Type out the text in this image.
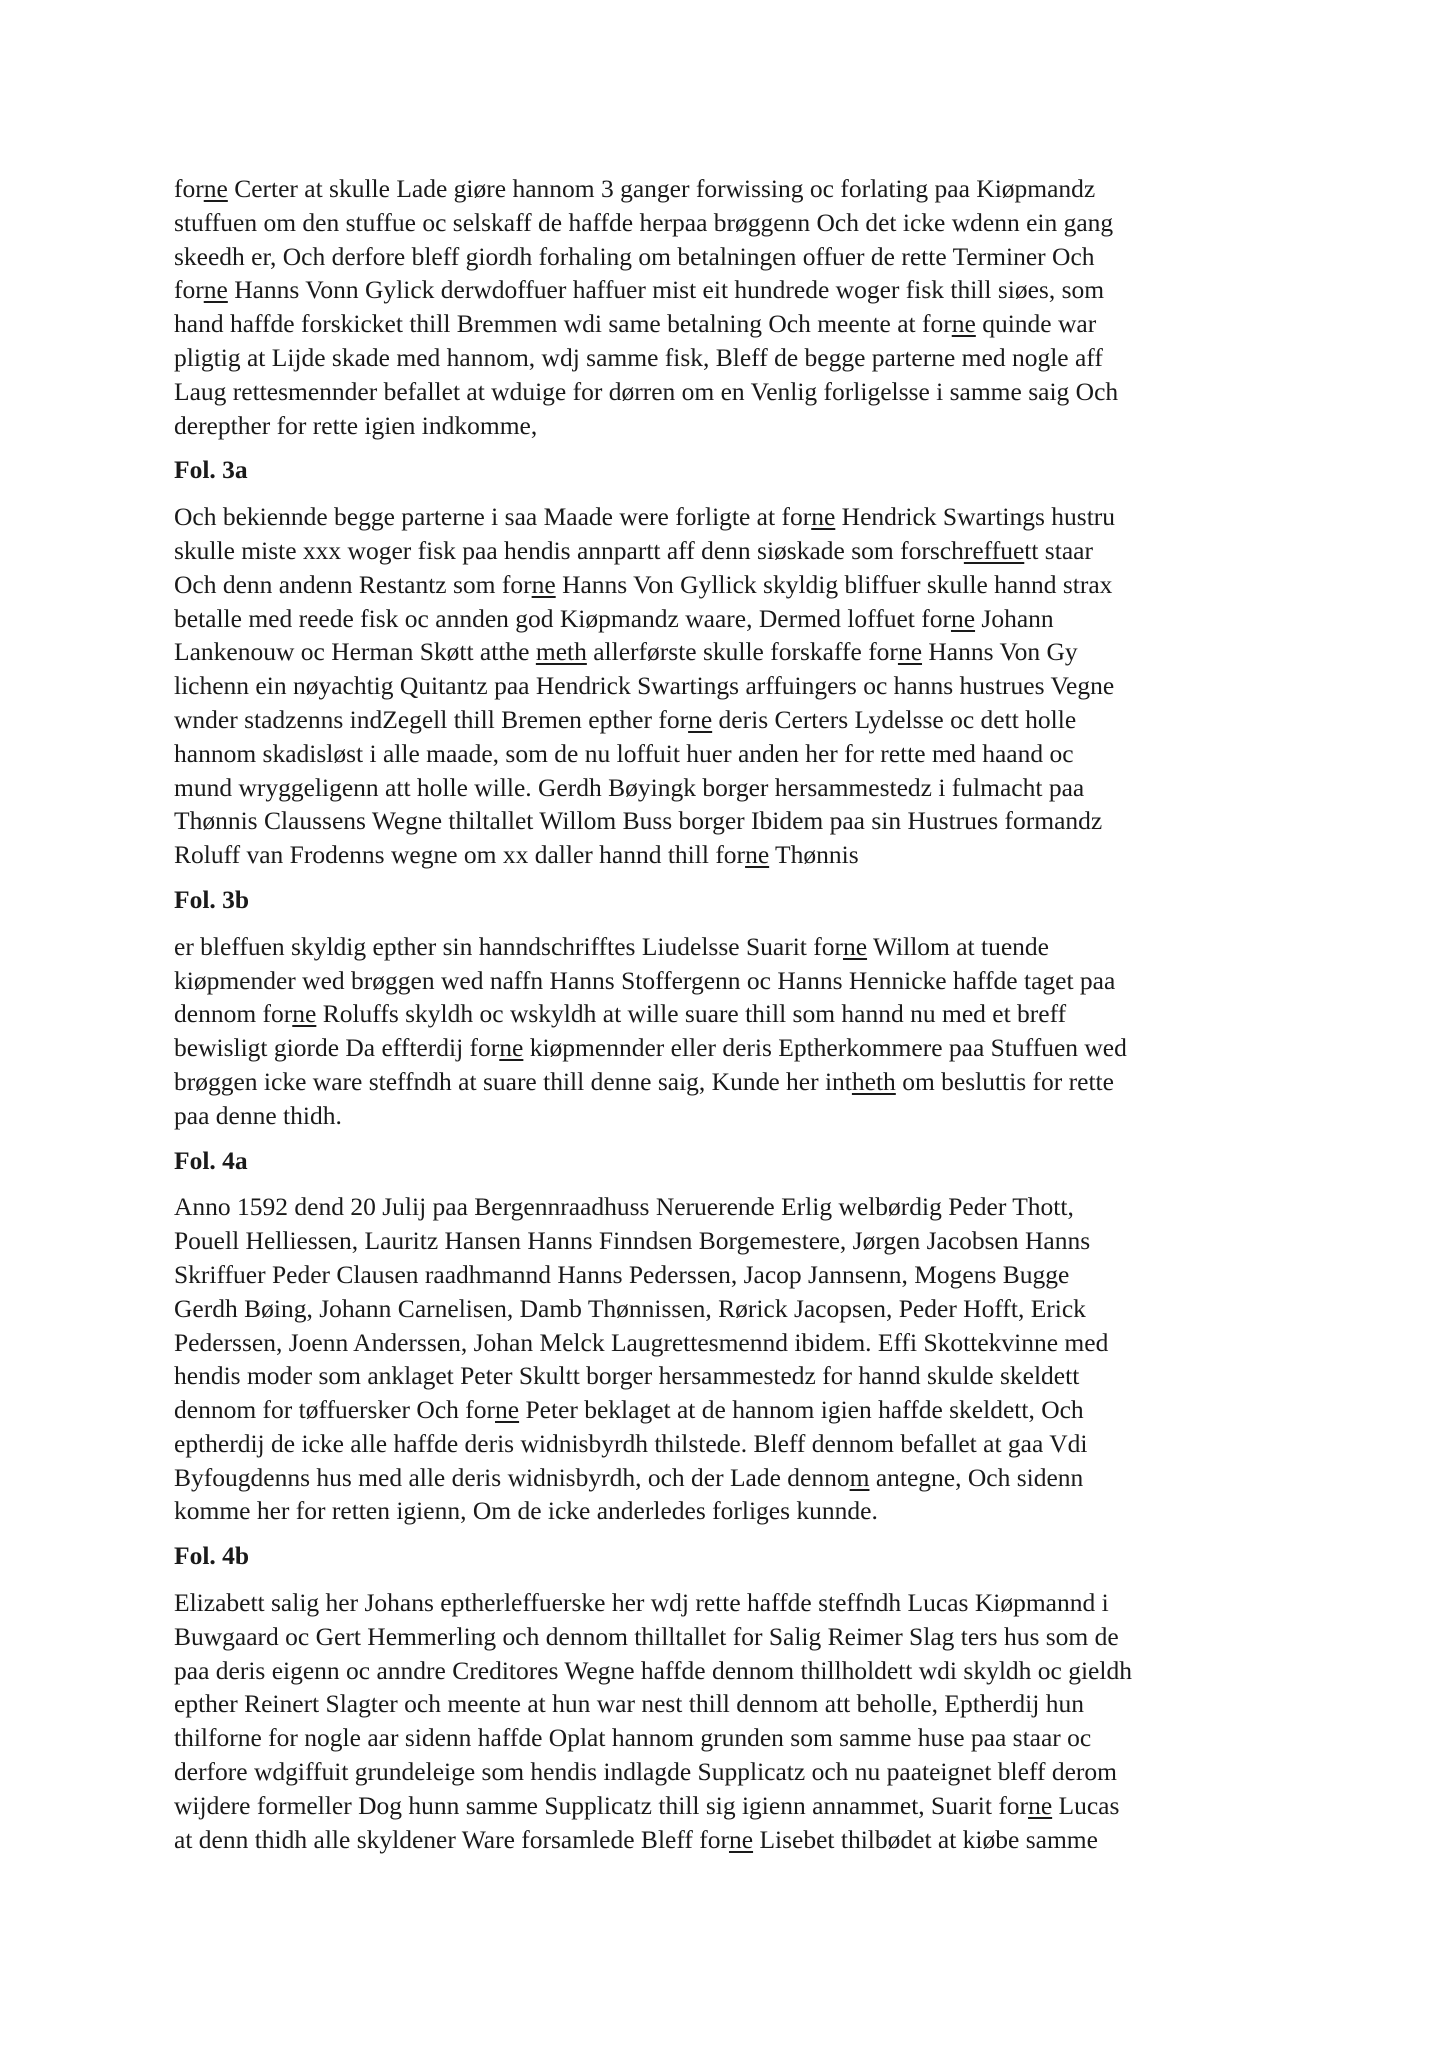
forne Certer at skulle Lade giøre hannom 3 ganger forwissing oc forlating paa Kiøpmandz
stuffuen om den stuffue oc selskaff de haffde herpaa brøggenn Och det icke wdenn ein gang
skeedh er, Och derfore bleff giordh forhaling om betalningen offuer de rette Terminer Och
forne Hanns Vonn Gylick derwdoffuer haffuer mist eit hundrede woger fisk thill siøes, som
hand haffde forskicket thill Bremmen wdi same betalning Och meente at forne quinde war
pligtig at Lijde skade med hannom, wdj samme fisk, Bleff de begge parterne med nogle aff
Laug rettesmennder befallet at wduige for dørren om en Venlig forligelsse i samme saig Och
derepther for rette igien indkomme,
Fol. 3a
Och bekiennde begge parterne i saa Maade were forligte at forne Hendrick Swartings hustru
skulle miste xxx woger fisk paa hendis annpartt aff denn siøskade som forschreffuett staar
Och denn andenn Restantz som forne Hanns Von Gyllick skyldig bliffuer skulle hannd strax
betalle med reede fisk oc annden god Kiøpmandz waare, Dermed loffuet forne Johann
Lankenouw oc Herman Skøtt atthe meth allerførste skulle forskaffe forne Hanns Von Gy
lichenn ein nøyachtig Quitantz paa Hendrick Swartings arffuingers oc hanns hustrues Vegne
wnder stadzenns indZegell thill Bremen epther forne deris Certers Lydelsse oc dett holle
hannom skadisløst i alle maade, som de nu loffuit huer anden her for rette med haand oc
mund wryggeligenn att holle wille. Gerdh Bøyingk borger hersammestedz i fulmacht paa
Thønnis Claussens Wegne thiltallet Willom Buss borger Ibidem paa sin Hustrues formandz
Roluff van Frodenns wegne om xx daller hannd thill forne Thønnis
Fol. 3b
er bleffuen skyldig epther sin hanndschrifftes Liudelsse Suarit forne Willom at tuende
kiøpmender wed brøggen wed naffn Hanns Stoffergenn oc Hanns Hennicke haffde taget paa
dennom forne Roluffs skyldh oc wskyldh at wille suare thill som hannd nu med et breff
bewisligt giorde Da effterdij forne kiøpmennder eller deris Eptherkommere paa Stuffuen wed
brøggen icke ware steffndh at suare thill denne saig, Kunde her intheth om besluttis for rette
paa denne thidh.
Fol. 4a
Anno 1592 dend 20 Julij paa Bergennraadhuss Neruerende Erlig welbørdig Peder Thott,
Pouell Helliessen, Lauritz Hansen Hanns Finndsen Borgemestere, Jørgen Jacobsen Hanns
Skriffuer Peder Clausen raadhmannd Hanns Pederssen, Jacop Jannsenn, Mogens Bugge
Gerdh Bøing, Johann Carnelisen, Damb Thønnissen, Rørick Jacopsen, Peder Hofft, Erick
Pederssen, Joenn Anderssen, Johan Melck Laugrettesmennd ibidem. Effi Skottekvinne med
hendis moder som anklaget Peter Skultt borger hersammestedz for hannd skulde skeldett
dennom for tøffuersker Och forne Peter beklaget at de hannom igien haffde skeldett, Och
eptherdij de icke alle haffde deris widnisbyrdh thilstede. Bleff dennom befallet at gaa Vdi
Byfougdenns hus med alle deris widnisbyrdh, och der Lade dennom antegne, Och sidenn
komme her for retten igienn, Om de icke anderledes forliges kunnde.
Fol. 4b
Elizabett salig her Johans eptherleffuerske her wdj rette haffde steffndh Lucas Kiøpmannd i
Buwgaard oc Gert Hemmerling och dennom thilltallet for Salig Reimer Slag ters hus som de
paa deris eigenn oc anndre Creditores Wegne haffde dennom thillholdett wdi skyldh oc gieldh
epther Reinert Slagter och meente at hun war nest thill dennom att beholle, Eptherdij hun
thilforne for nogle aar sidenn haffde Oplat hannom grunden som samme huse paa staar oc
derfore wdgiffuit grundeleige som hendis indlagde Supplicatz och nu paateignet bleff derom
wijdere formeller Dog hunn samme Supplicatz thill sig igienn annammet, Suarit forne Lucas
at denn thidh alle skyldener Ware forsamlede Bleff forne Lisebet thilbødet at kiøbe samme
